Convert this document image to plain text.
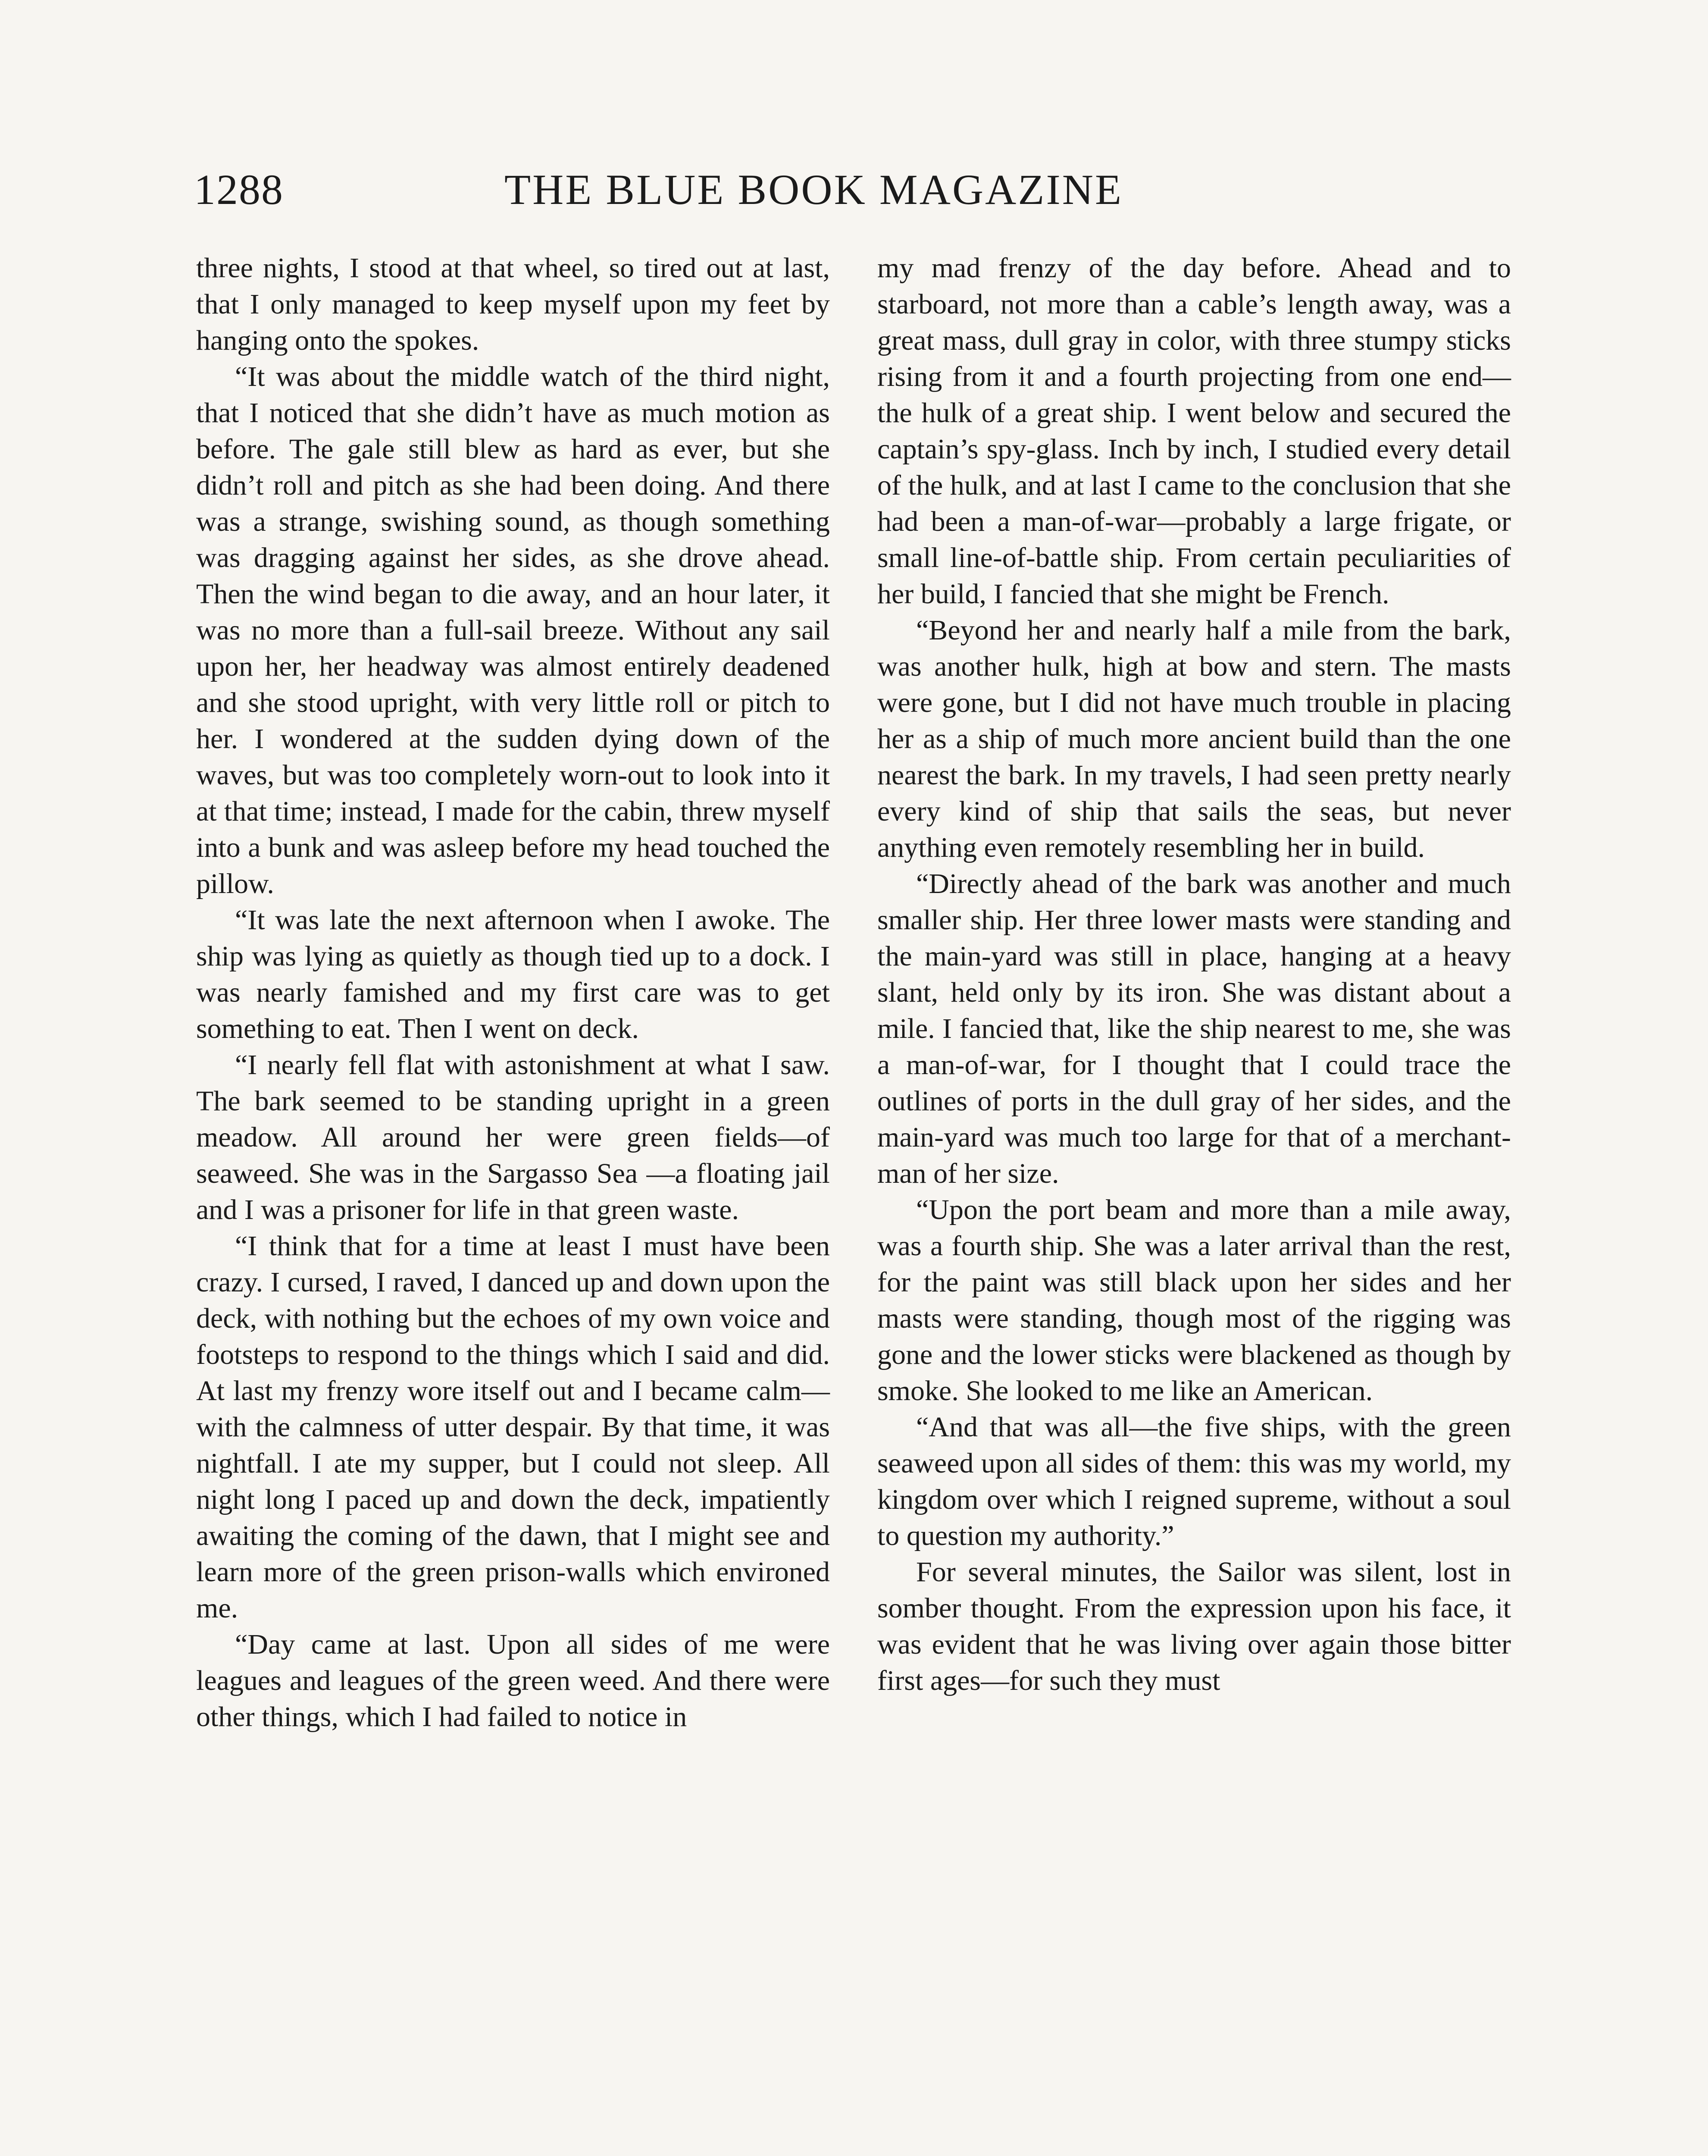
1288	THE BLUE BOOK MAGAZINE

three nights, I stood at that wheel, so tired out at last, that I only managed to keep myself upon my feet by hanging onto the spokes.

“It was about the middle watch of the third night, that I noticed that she didn’t have as much motion as before. The gale still blew as hard as ever, but she didn’t roll and pitch as she had been doing. And there was a strange, swishing sound, as though something was dragging against her sides, as she drove ahead. Then the wind began to die away, and an hour later, it was no more than a full-sail breeze. Without any sail upon her, her headway was almost entirely deadened and she stood upright, with very little roll or pitch to her. I wondered at the sudden dying down of the waves, but was too completely worn-out to look into it at that time; instead, I made for the cabin, threw myself into a bunk and was asleep before my head touched the pillow.

“It was late the next afternoon when I awoke. The ship was lying as quietly as though tied up to a dock. I was nearly famished and my first care was to get something to eat. Then I went on deck.

“I nearly fell flat with astonishment at what I saw. The bark seemed to be standing upright in a green meadow. All around her were green fields—of seaweed. She was in the Sargasso Sea —a floating jail and I was a prisoner for life in that green waste.

“I think that for a time at least I must have been crazy. I cursed, I raved, I danced up and down upon the deck, with nothing but the echoes of my own voice and footsteps to respond to the things which I said and did. At last my frenzy wore itself out and I became calm—with the calmness of utter despair. By that time, it was nightfall. I ate my supper, but I could not sleep. All night long I paced up and down the deck, impatiently awaiting the coming of the dawn, that I might see and learn more of the green prison-walls which environed me.

“Day came at last. Upon all sides of me were leagues and leagues of the green weed. And there were other things, which I had failed to notice in

my mad frenzy of the day before. Ahead and to starboard, not more than a cable’s length away, was a great mass, dull gray in color, with three stumpy sticks rising from it and a fourth projecting from one end—the hulk of a great ship. I went below and secured the captain’s spy-glass. Inch by inch, I studied every detail of the hulk, and at last I came to the conclusion that she had been a man-of-war—probably a large frigate, or small line-of-battle ship. From certain peculiarities of her build, I fancied that she might be French.

“Beyond her and nearly half a mile from the bark, was another hulk, high at bow and stern. The masts were gone, but I did not have much trouble in placing her as a ship of much more ancient build than the one nearest the bark. In my travels, I had seen pretty nearly every kind of ship that sails the seas, but never anything even remotely resembling her in build.

“Directly ahead of the bark was another and much smaller ship. Her three lower masts were standing and the main-yard was still in place, hanging at a heavy slant, held only by its iron. She was distant about a mile. I fancied that, like the ship nearest to me, she was a man-of-war, for I thought that I could trace the outlines of ports in the dull gray of her sides, and the main-yard was much too large for that of a merchant-man of her size.

“Upon the port beam and more than a mile away, was a fourth ship. She was a later arrival than the rest, for the paint was still black upon her sides and her masts were standing, though most of the rigging was gone and the lower sticks were blackened as though by smoke. She looked to me like an American.

“And that was all—the five ships, with the green seaweed upon all sides of them: this was my world, my kingdom over which I reigned supreme, without a soul to question my authority.”

For several minutes, the Sailor was silent, lost in somber thought. From the expression upon his face, it was evident that he was living over again those bitter first ages—for such they must
